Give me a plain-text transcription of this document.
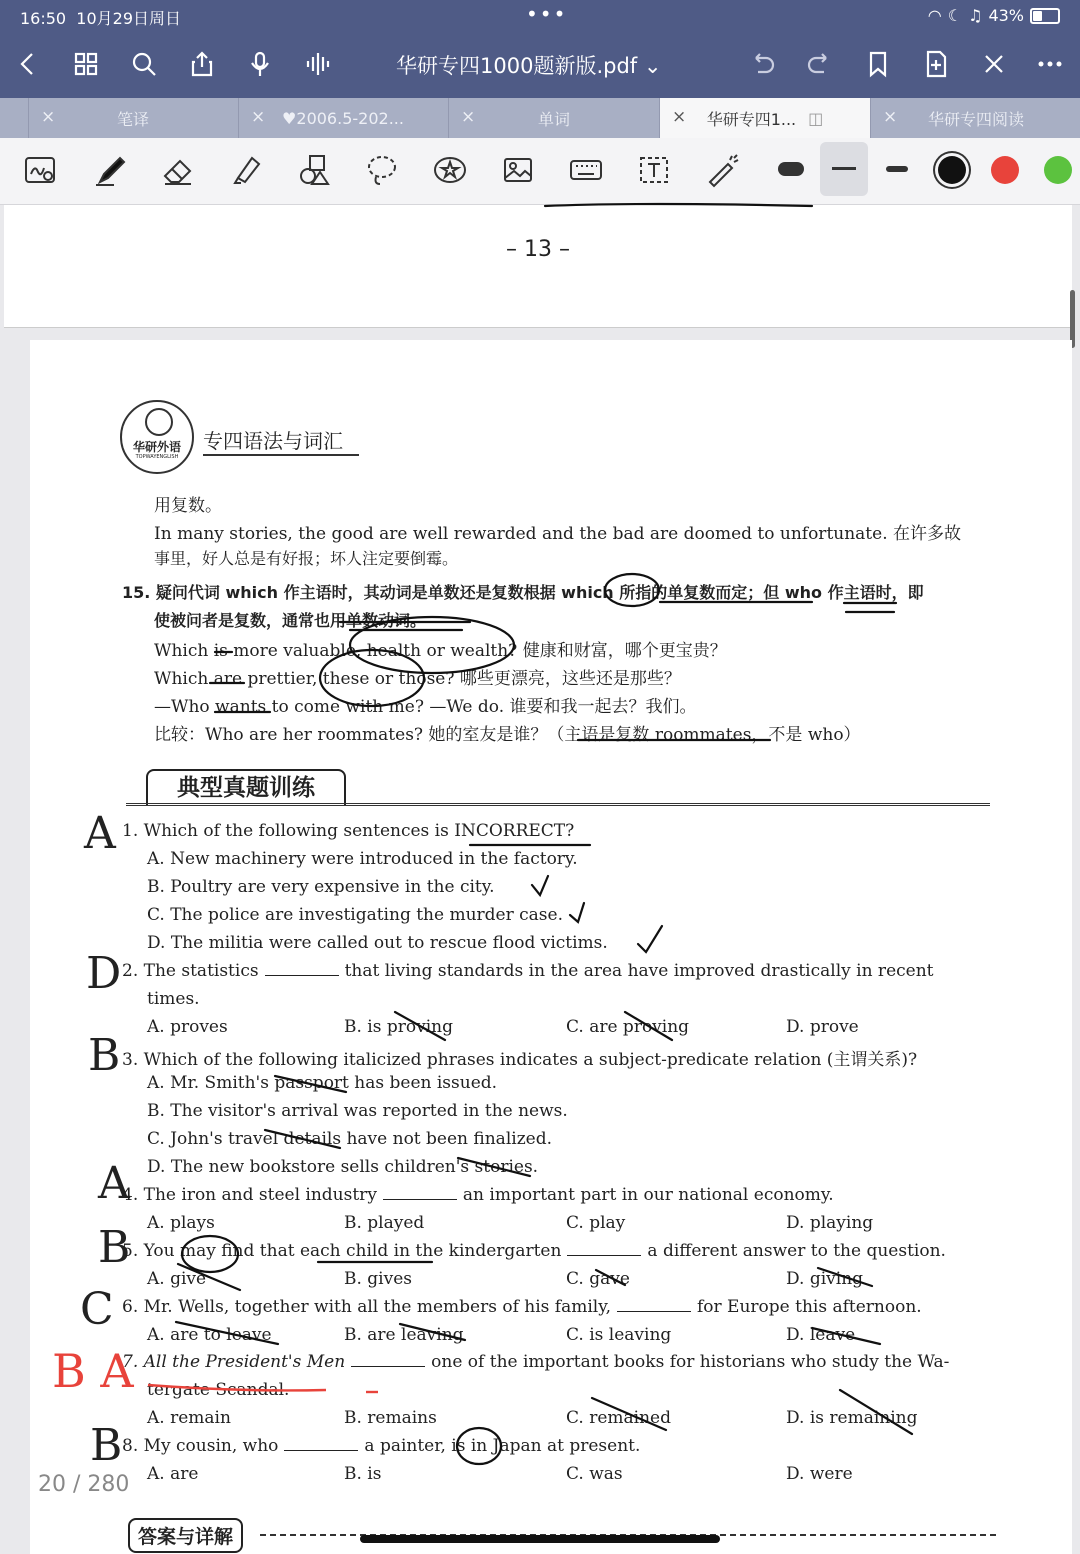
16:50 10月29日周日	•••	◠ ☾ ♫ 43%
华研专四1000题新版.pdf ⌄
×	笔译	× ♥2006.5-202...	×	单词	× 华研专四1... ◫	× 华研专四阅读
– 13 –
华研外语
TOPWAYENGLISH
专四语法与词汇
用复数。
In many stories, the good are well rewarded and the bad are doomed to unfortunate. 在许多故
事里，好人总是有好报；坏人注定要倒霉。
15. 疑问代词 which 作主语时，其动词是单数还是复数根据 which 所指的单复数而定；但 who 作主语时，即
使被问者是复数，通常也用单数动词。
Which is more valuable, health or wealth? 健康和财富，哪个更宝贵？
Which are prettier, these or those? 哪些更漂亮，这些还是那些？
—Who wants to come with me? —We do. 谁要和我一起去？我们。
比较：Who are her roommates? 她的室友是谁？（主语是复数 roommates，不是 who）
典型真题训练
1. Which of the following sentences is INCORRECT?
A. New machinery were introduced in the factory.
B. Poultry are very expensive in the city.
C. The police are investigating the murder case.
D. The militia were called out to rescue flood victims.
2. The statistics	that living standards in the area have improved drastically in recent
times.
A. proves	B. is proving	C. are proving	D. prove
3. Which of the following italicized phrases indicates a subject-predicate relation (主谓关系)?
A. Mr. Smith's passport has been issued.
B. The visitor's arrival was reported in the news.
C. John's travel details have not been finalized.
D. The new bookstore sells children's stories.
4. The iron and steel industry	an important part in our national economy.
A. plays	B. played	C. play	D. playing
5. You may find that each child in the kindergarten	a different answer to the question.
A. give	B. gives	C. gave	D. giving
6. Mr. Wells, together with all the members of his family,	for Europe this afternoon.
A. are to leave	B. are leaving	C. is leaving	D. leave
7. All the President's Men	one of the important books for historians who study the Wa-
tergate Scandal.
A. remain	B. remains	C. remained	D. is remaining
8. My cousin, who	a painter, is in Japan at present.
A. are	B. is	C. was	D. were
答案与详解
A
D
B
A
B
C
B A
B
20 / 280
